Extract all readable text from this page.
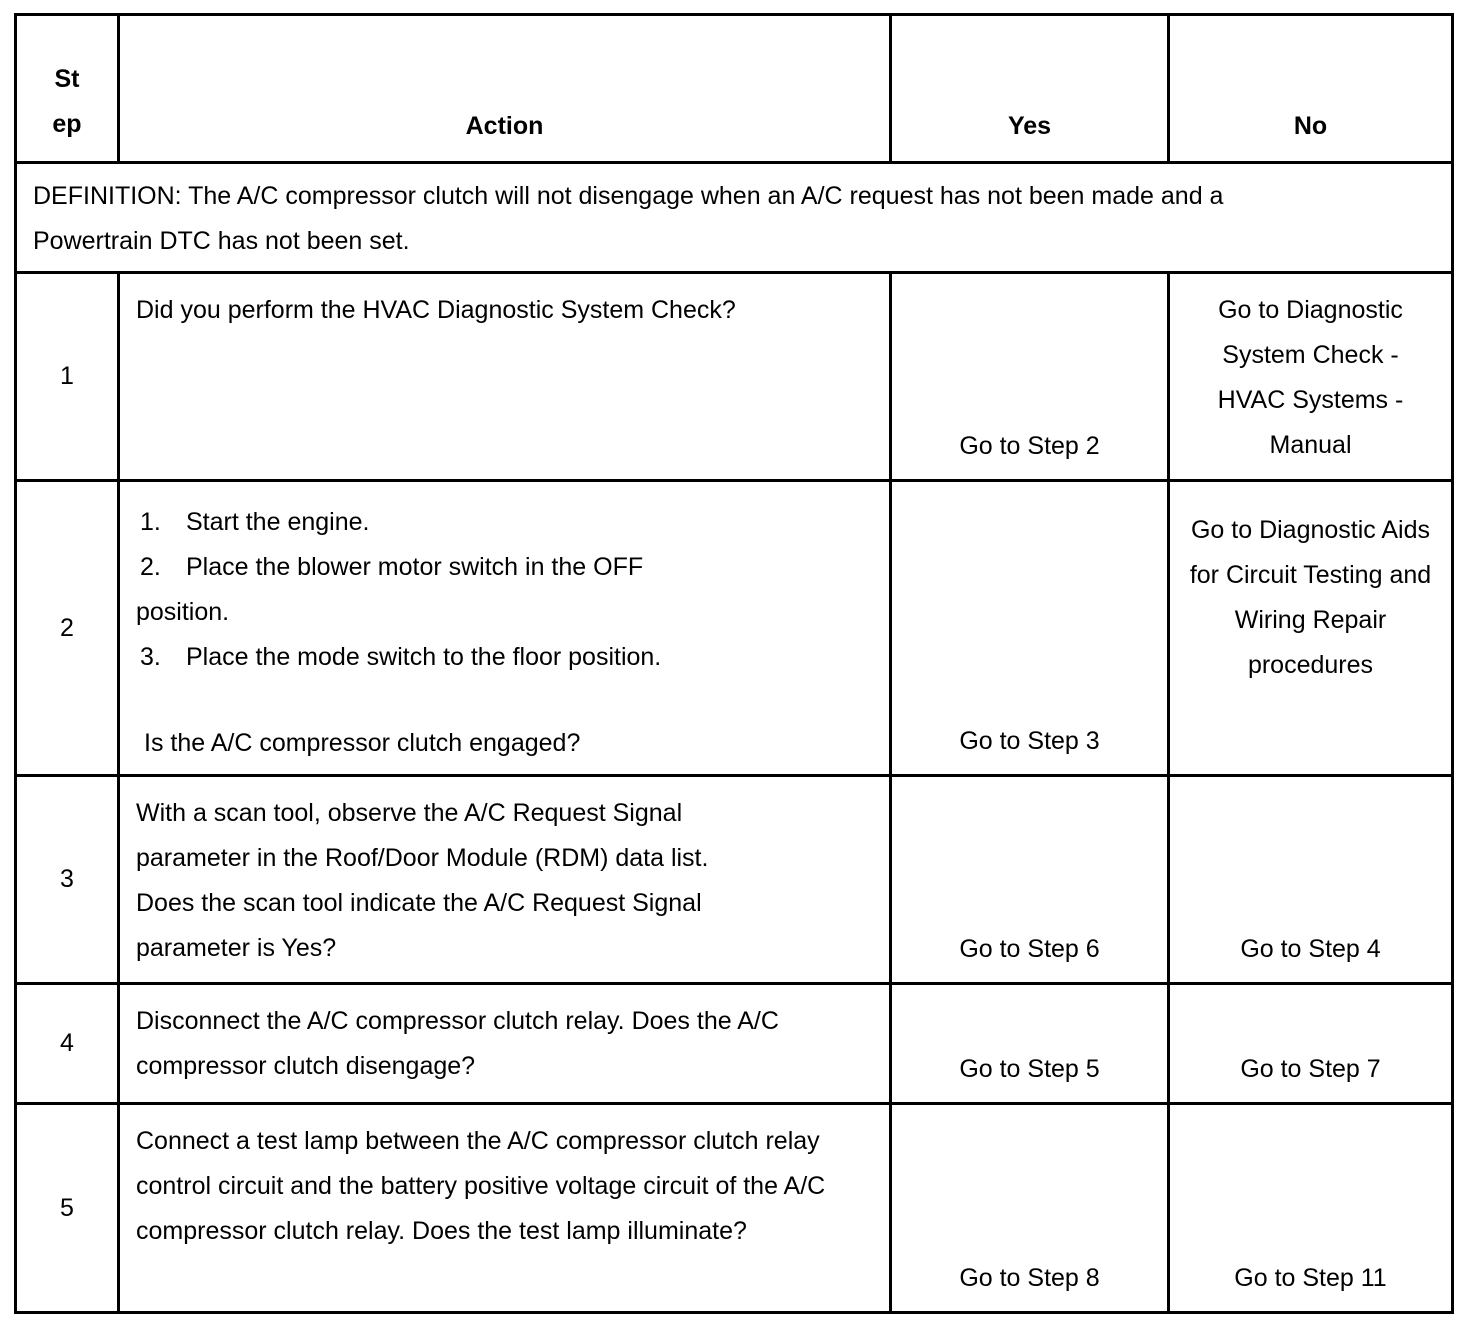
St
ep	Action	Yes	No
DEFINITION: The A/C compressor clutch will not disengage when an A/C request has not been made and a Powertrain DTC has not been set.			
1	Did you perform the HVAC Diagnostic System Check?	Go to Step 2	Go to Diagnostic System Check - HVAC Systems - Manual
2	1. Start the engine.
2. Place the blower motor switch in the OFF position.
3. Place the mode switch to the floor position.
Is the A/C compressor clutch engaged?	Go to Step 3	Go to Diagnostic Aids for Circuit Testing and Wiring Repair procedures
3	With a scan tool, observe the A/C Request Signal parameter in the Roof/Door Module (RDM) data list. Does the scan tool indicate the A/C Request Signal parameter is Yes?	Go to Step 6	Go to Step 4
4	Disconnect the A/C compressor clutch relay. Does the A/C compressor clutch disengage?	Go to Step 5	Go to Step 7
5	Connect a test lamp between the A/C compressor clutch relay control circuit and the battery positive voltage circuit of the A/C compressor clutch relay. Does the test lamp illuminate?	Go to Step 8	Go to Step 11
